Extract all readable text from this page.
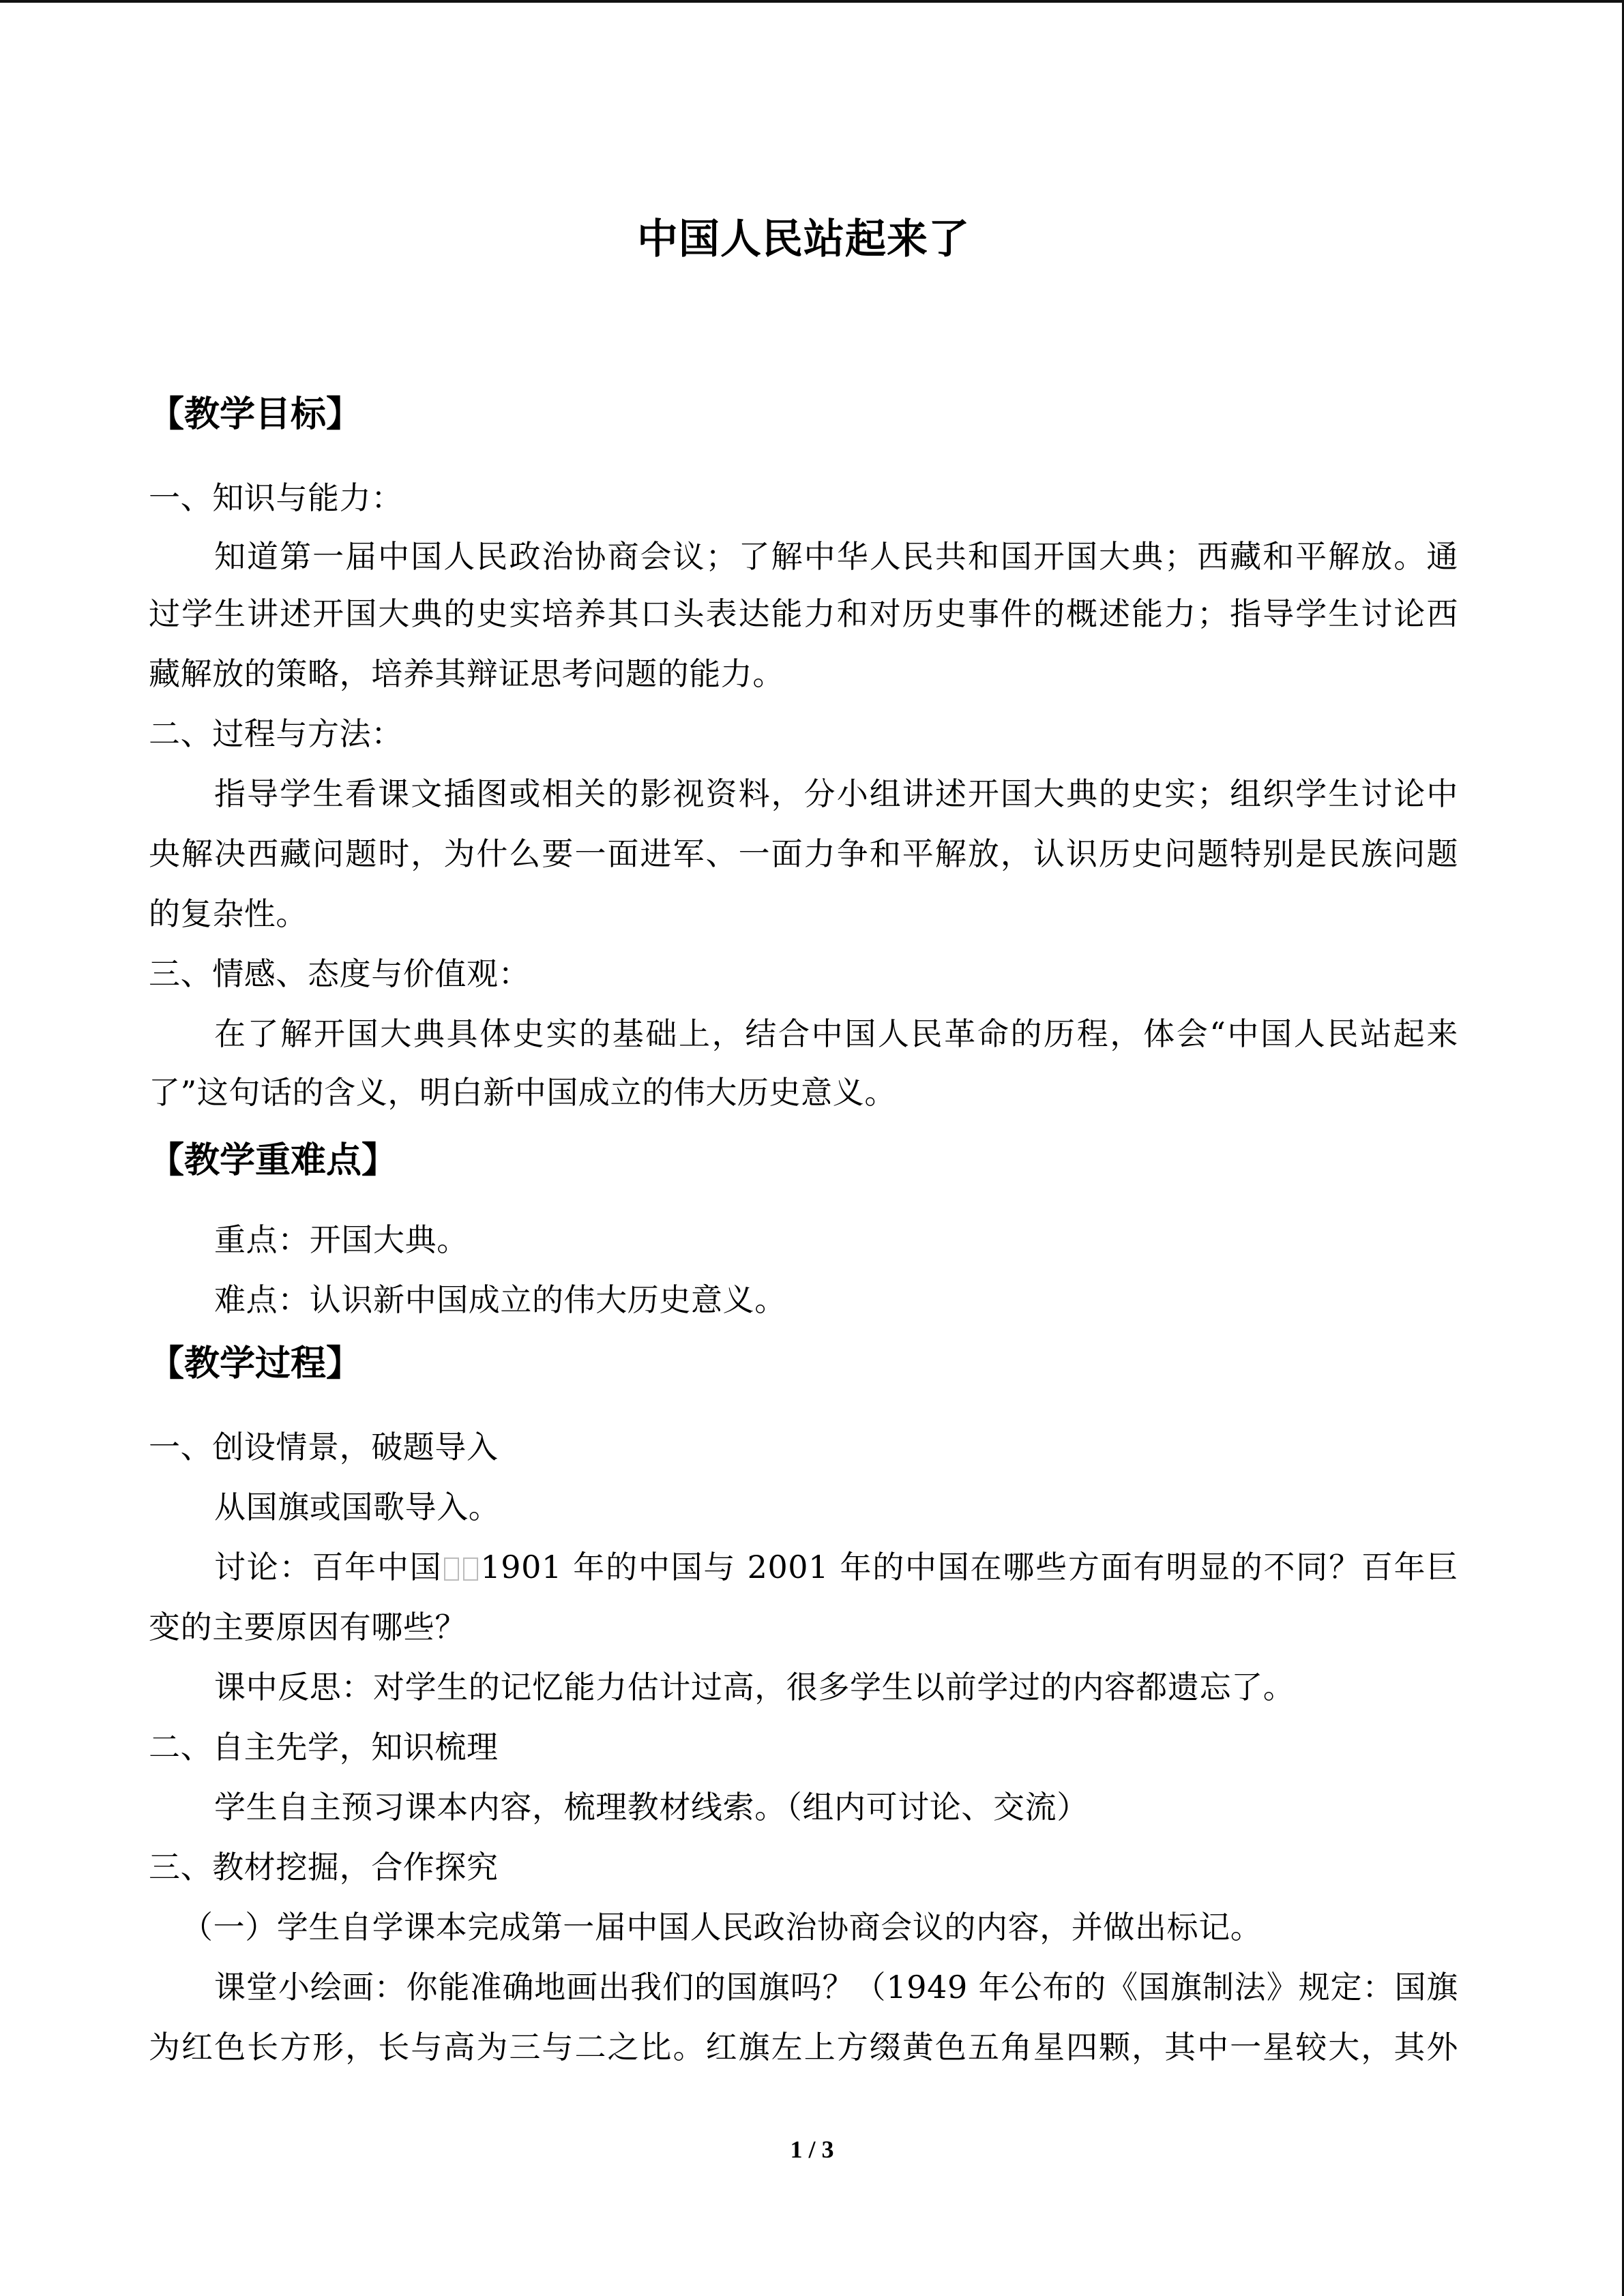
中国人民站起来了
【教学目标】
一、知识与能力：
知道第一届中国人民政治协商会议；了解中华人民共和国开国大典；西藏和平解放。通
过学生讲述开国大典的史实培养其口头表达能力和对历史事件的概述能力；指导学生讨论西
藏解放的策略，培养其辩证思考问题的能力。
二、过程与方法：
指导学生看课文插图或相关的影视资料，分小组讲述开国大典的史实；组织学生讨论中
央解决西藏问题时，为什么要一面进军、一面力争和平解放，认识历史问题特别是民族问题
的复杂性。
三、情感、态度与价值观：
在了解开国大典具体史实的基础上，结合中国人民革命的历程，体会“中国人民站起来
了”这句话的含义，明白新中国成立的伟大历史意义。
【教学重难点】
重点：开国大典。
难点：认识新中国成立的伟大历史意义。
【教学过程】
一、创设情景，破题导入
从国旗或国歌导入。
讨论：百年中国 1901 年的中国与 2001 年的中国在哪些方面有明显的不同？百年巨
变的主要原因有哪些？
课中反思：对学生的记忆能力估计过高，很多学生以前学过的内容都遗忘了。
二、自主先学，知识梳理
学生自主预习课本内容，梳理教材线索。（组内可讨论、交流）
三、教材挖掘，合作探究
（一）学生自学课本完成第一届中国人民政治协商会议的内容，并做出标记。
课堂小绘画：你能准确地画出我们的国旗吗？（1949 年公布的《国旗制法》规定：国旗
为红色长方形，长与高为三与二之比。红旗左上方缀黄色五角星四颗，其中一星较大，其外
1 / 3
